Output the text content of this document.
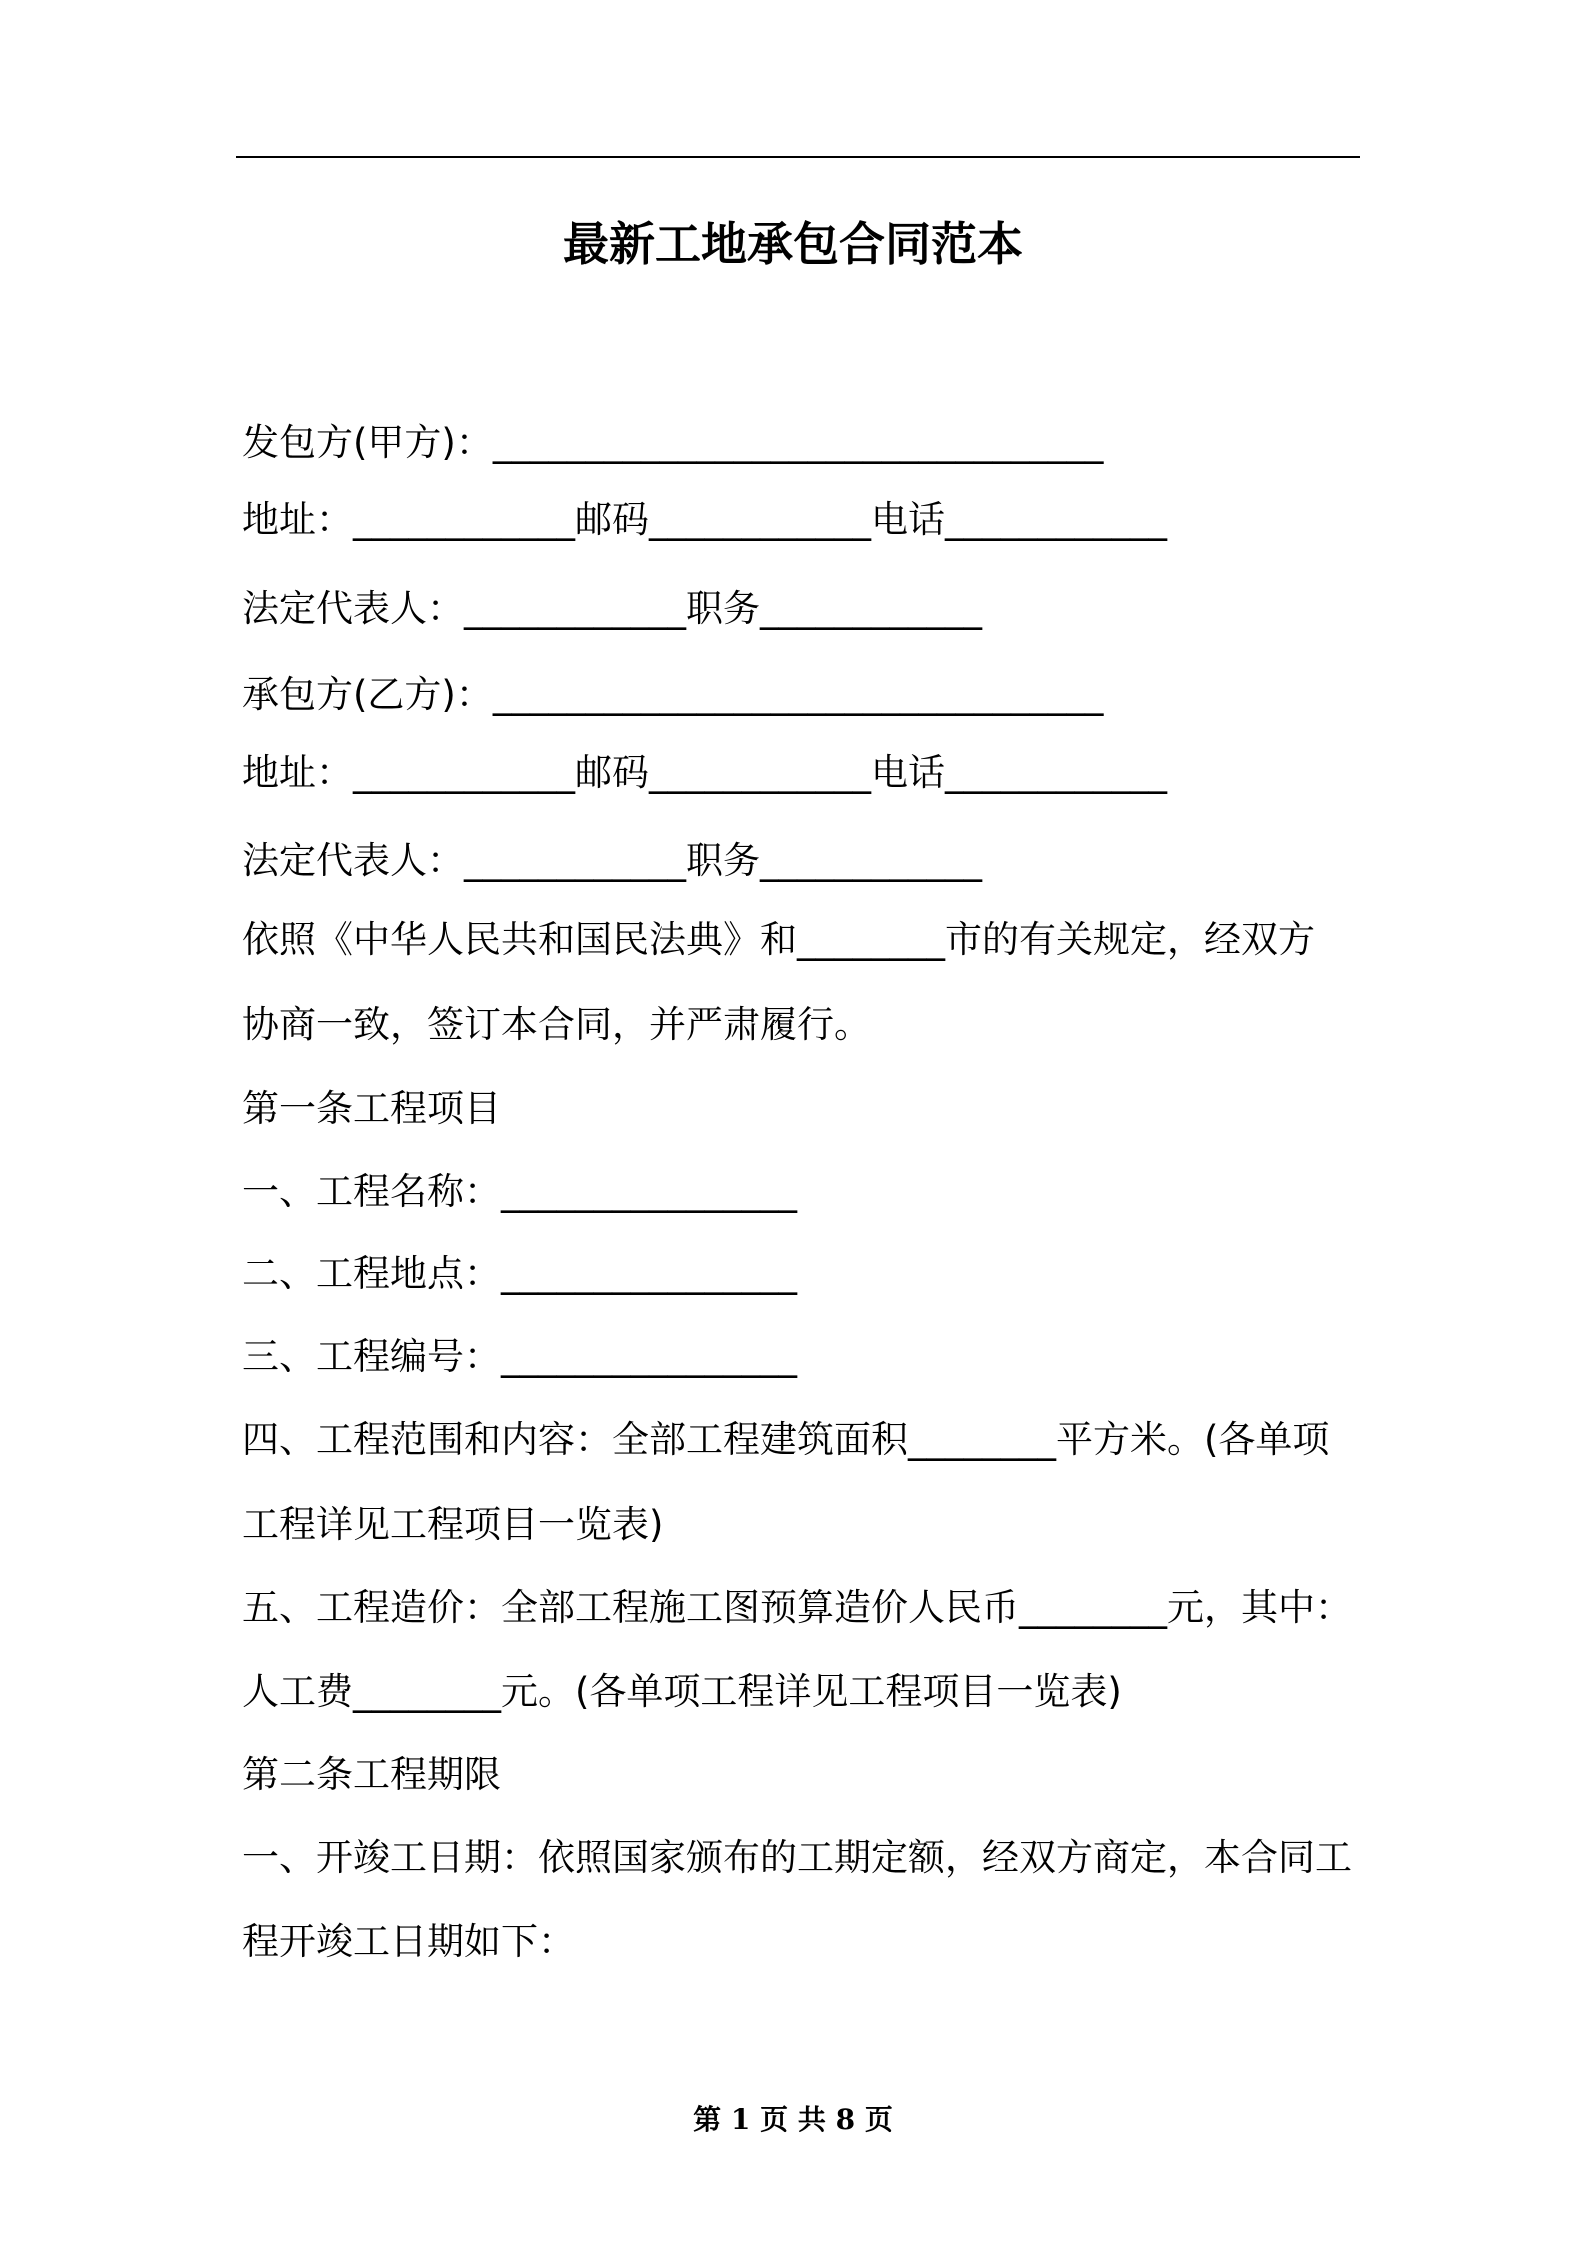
最新工地承包合同范本
发包方(甲方)：_________________________________
地址：____________邮码____________电话____________
法定代表人：____________职务____________
承包方(乙方)：_________________________________
地址：____________邮码____________电话____________
法定代表人：____________职务____________
依照《中华人民共和国民法典》和________市的有关规定，经双方
协商一致，签订本合同，并严肃履行。
第一条工程项目
一、工程名称：________________
二、工程地点：________________
三、工程编号：________________
四、工程范围和内容：全部工程建筑面积________平方米。(各单项
工程详见工程项目一览表)
五、工程造价：全部工程施工图预算造价人民币________元，其中：
人工费________元。(各单项工程详见工程项目一览表)
第二条工程期限
一、开竣工日期：依照国家颁布的工期定额，经双方商定，本合同工
程开竣工日期如下：
第 1 页 共 8 页
